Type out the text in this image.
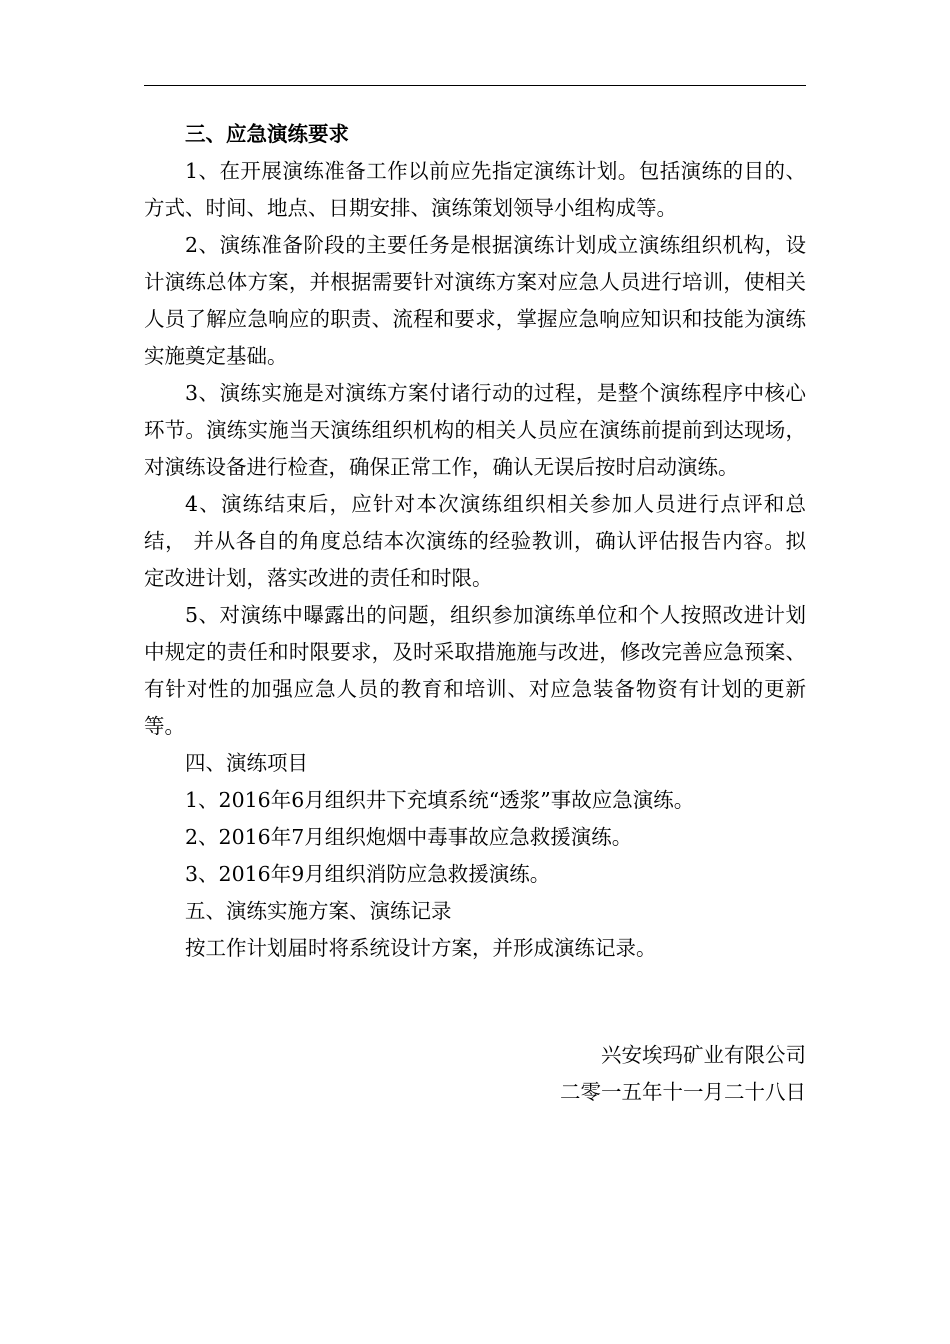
三、应急演练要求

1、在开展演练准备工作以前应先指定演练计划。包括演练的目的、方式、时间、地点、日期安排、演练策划领导小组构成等。

2、演练准备阶段的主要任务是根据演练计划成立演练组织机构，设计演练总体方案，并根据需要针对演练方案对应急人员进行培训，使相关人员了解应急响应的职责、流程和要求，掌握应急响应知识和技能为演练实施奠定基础。

3、演练实施是对演练方案付诸行动的过程，是整个演练程序中核心环节。演练实施当天演练组织机构的相关人员应在演练前提前到达现场，对演练设备进行检查，确保正常工作，确认无误后按时启动演练。

4、演练结束后，应针对本次演练组织相关参加人员进行点评和总结， 并从各自的角度总结本次演练的经验教训，确认评估报告内容。拟定改进计划，落实改进的责任和时限。

5、对演练中曝露出的问题，组织参加演练单位和个人按照改进计划中规定的责任和时限要求，及时采取措施施与改进，修改完善应急预案、有针对性的加强应急人员的教育和培训、对应急装备物资有计划的更新等。

四、演练项目

1、2016年6月组织井下充填系统“透浆”事故应急演练。

2、2016年7月组织炮烟中毒事故应急救援演练。

3、2016年9月组织消防应急救援演练。

五、演练实施方案、演练记录

按工作计划届时将系统设计方案，并形成演练记录。

兴安埃玛矿业有限公司
二零一五年十一月二十八日
